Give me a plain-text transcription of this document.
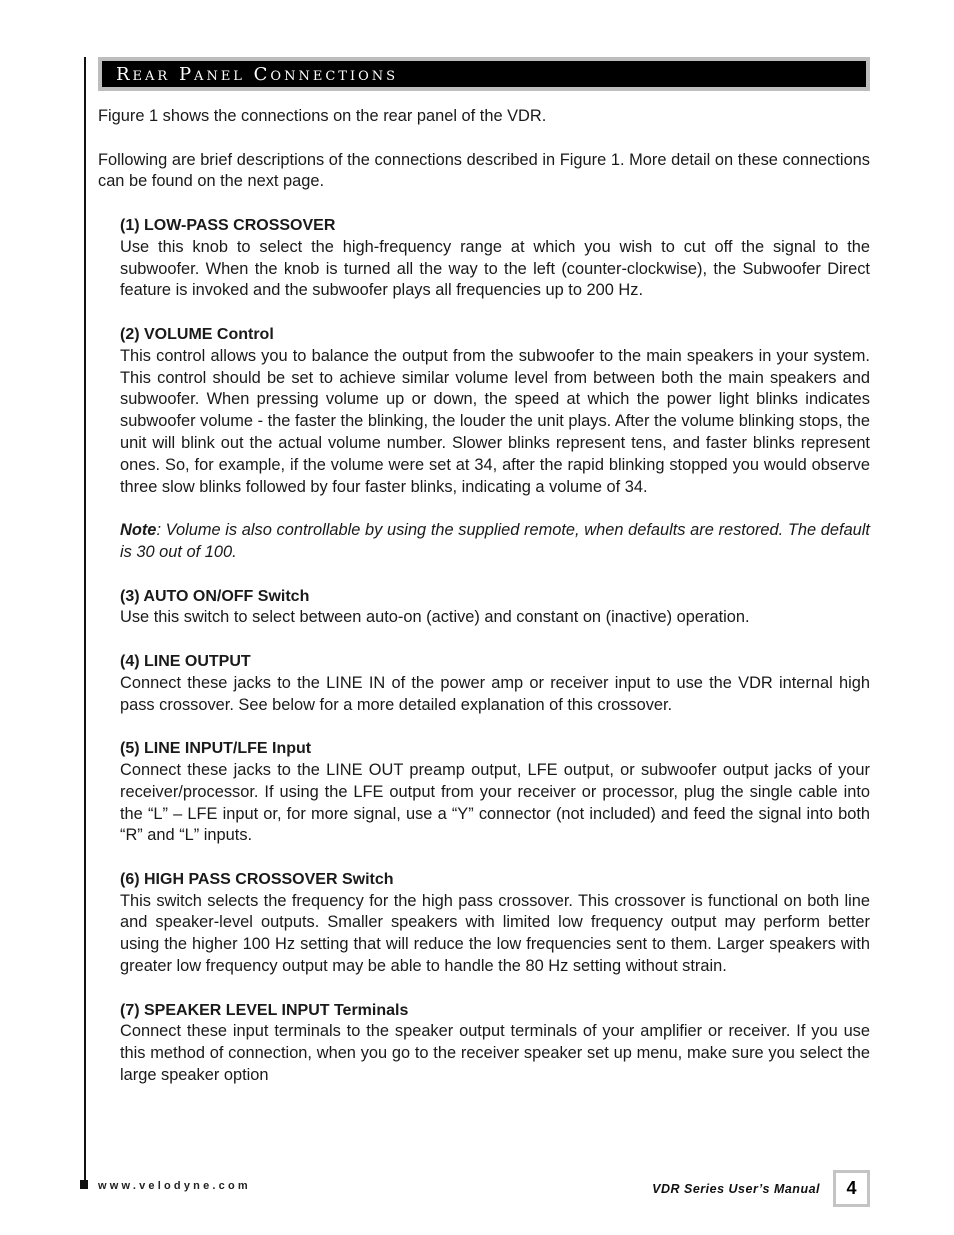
Rear Panel Connections

Figure 1 shows the connections on the rear panel of the VDR.

Following are brief descriptions of the connections described in Figure 1. More detail on these connections can be found on the next page.

(1) LOW-PASS CROSSOVER

Use this knob to select the high-frequency range at which you wish to cut off the signal to the subwoofer. When the knob is turned all the way to the left (counter-clockwise), the Subwoofer Direct feature is invoked and the subwoofer plays all frequencies up to 200 Hz.

(2) VOLUME Control

This control allows you to balance the output from the subwoofer to the main speakers in your system. This control should be set to achieve similar volume level from between both the main speakers and subwoofer. When pressing volume up or down, the speed at which the power light blinks indicates subwoofer volume - the faster the blinking, the louder the unit plays. After the volume blinking stops, the unit will blink out the actual volume number. Slower blinks represent tens, and faster blinks represent ones. So, for example, if the volume were set at 34, after the rapid blinking stopped you would observe three slow blinks followed by four faster blinks, indicating a volume of 34.

Note: Volume is also controllable by using the supplied remote, when defaults are restored. The default is 30 out of 100.

(3) AUTO ON/OFF Switch

Use this switch to select between auto-on (active) and constant on (inactive) operation.

(4) LINE OUTPUT

Connect these jacks to the LINE IN of the power amp or receiver input to use the VDR internal high pass crossover. See below for a more detailed explanation of this crossover.

(5) LINE INPUT/LFE Input

Connect these jacks to the LINE OUT preamp output, LFE output, or subwoofer output jacks of your receiver/processor. If using the LFE output from your receiver or processor, plug the single cable into the “L” – LFE input or, for more signal, use a “Y” connector (not included) and feed the signal into both “R” and “L” inputs.

(6) HIGH PASS CROSSOVER Switch

This switch selects the frequency for the high pass crossover. This crossover is functional on both line and speaker-level outputs. Smaller speakers with limited low frequency output may perform better using the higher 100 Hz setting that will reduce the low frequencies sent to them. Larger speakers with greater low frequency output may be able to handle the 80 Hz setting without strain.

(7) SPEAKER LEVEL INPUT Terminals

Connect these input terminals to the speaker output terminals of your amplifier or receiver. If you use this method of connection, when you go to the receiver speaker set up menu, make sure you select the large speaker option

www.velodyne.com	VDR Series User’s Manual	4
